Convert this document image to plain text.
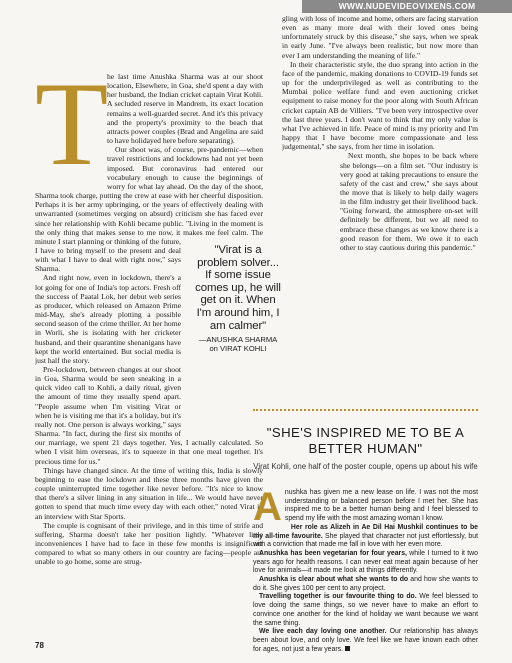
WWW.NUDEVIDEOVIXENS.COM
T

he last time Anushka Sharma was at our shoot location, Elsewhere, in Goa, she'd spent a day with her husband, the Indian cricket captain Virat Kohli. A secluded reserve in Mandrem, its exact location remains a well-guarded secret. And it's this privacy and the property's proximity to the beach that attracts power couples (Brad and Angelina are said to have holidayed here before separating).

Our shoot was, of course, pre-pandemic—when travel restrictions and lockdowns had not yet been imposed. But coronavirus had entered our vocabulary enough to cause the beginnings of worry for what lay ahead. On the day of the shoot, Sharma took charge, putting the crew at ease with her cheerful disposition. Perhaps it is her army upbringing, or the years of effectively dealing with unwarranted (sometimes verging on absurd) criticism she has faced ever since her relationship with Kohli became public. "Living in the moment is the only thing that makes sense to me now, it makes me feel calm. The minute I start planning or thinking of the future, I have to bring myself to the present and deal with what I have to deal with right now," says Sharma.

And right now, even in lockdown, there's a lot going for one of India's top actors. Fresh off the success of Paatal Lok, her debut web series as producer, which released on Amazon Prime mid-May, she's already plotting a possible second season of the crime thriller. At her home in Worli, she is isolating with her cricketer husband, and their quarantine shenanigans have kept the world entertained. But social media is just half the story.

Pre-lockdown, between changes at our shoot in Goa, Sharma would be seen sneaking in a quick video call to Kohli, a daily ritual, given the amount of time they usually spend apart. "People assume when I'm visiting Virat or when he is visiting me that it's a holiday, but it's really not. One person is always working," says Sharma. "In fact, during the first six months of our marriage, we spent 21 days together. Yes, I actually calculated. So when I visit him overseas, it's to squeeze in that one meal together. It's precious time for us."

Things have changed since. At the time of writing this, India is slowly beginning to ease the lockdown and these three months have given the couple uninterrupted time together like never before. "It's nice to know that there's a silver lining in any situation in life... We would have never gotten to spend that much time every day with each other," noted Virat in an interview with Star Sports.

The couple is cognisant of their privilege, and in this time of strife and suffering, Sharma doesn't take her position lightly. "Whatever little inconveniences I have had to face in these few months is insignificant compared to what so many others in our country are facing—people are unable to go home, some are strug-

gling with loss of income and home, others are facing starvation even as many more deal with their loved ones being unfortunately struck by this disease," she says, when we speak in early June. "I've always been realistic, but now more than ever I am understanding the meaning of life."

In their characteristic style, the duo sprang into action in the face of the pandemic, making donations to COVID-19 funds set up for the underprivileged as well as contributing to the Mumbai police welfare fund and even auctioning cricket equipment to raise money for the poor along with South African cricket captain AB de Villiers. "I've been very introspective over the last three years. I don't want to think that my only value is what I've achieved in life. Peace of mind is my priority and I'm happy that I have become more compassionate and less judgemental," she says, from her time in isolation.

Next month, she hopes to be back where she belongs—on a film set. "Our industry is very good at taking precautions to ensure the safety of the cast and crew," she says about the move that is likely to help daily wagers in the film industry get their livelihood back. "Going forward, the atmosphere on-set will definitely be different, but we all need to embrace these changes as we know there is a good reason for them. We owe it to each other to stay cautious during this pandemic."

"Virat is a problem solver... If some issue comes up, he will get on it. When I'm around him, I am calmer"
—ANUSHKA SHARMA
on VIRAT KOHLI
"SHE'S INSPIRED ME TO BE A BETTER HUMAN"
Virat Kohli, one half of the poster couple, opens up about his wife
A nushka has given me a new lease on life. I was not the most understanding or balanced person before I met her. She has inspired me to be a better human being and I feel blessed to spend my life with the most amazing woman I know.

Her role as Alizeh in Ae Dil Hai Mushkil continues to be my all-time favourite. She played that character not just effortlessly, but with a conviction that made me fall in love with her even more.

Anushka has been vegetarian for four years, while I turned to it two years ago for health reasons. I can never eat meat again because of her love for animals—it made me look at things differently.

Anushka is clear about what she wants to do and how she wants to do it. She gives 100 per cent to any project.

Travelling together is our favourite thing to do. We feel blessed to love doing the same things, so we never have to make an effort to convince one another for the kind of holiday we want because we want the same thing.

We live each day loving one another. Our relationship has always been about love, and only love. We feel like we have known each other for ages, not just a few years.

78
